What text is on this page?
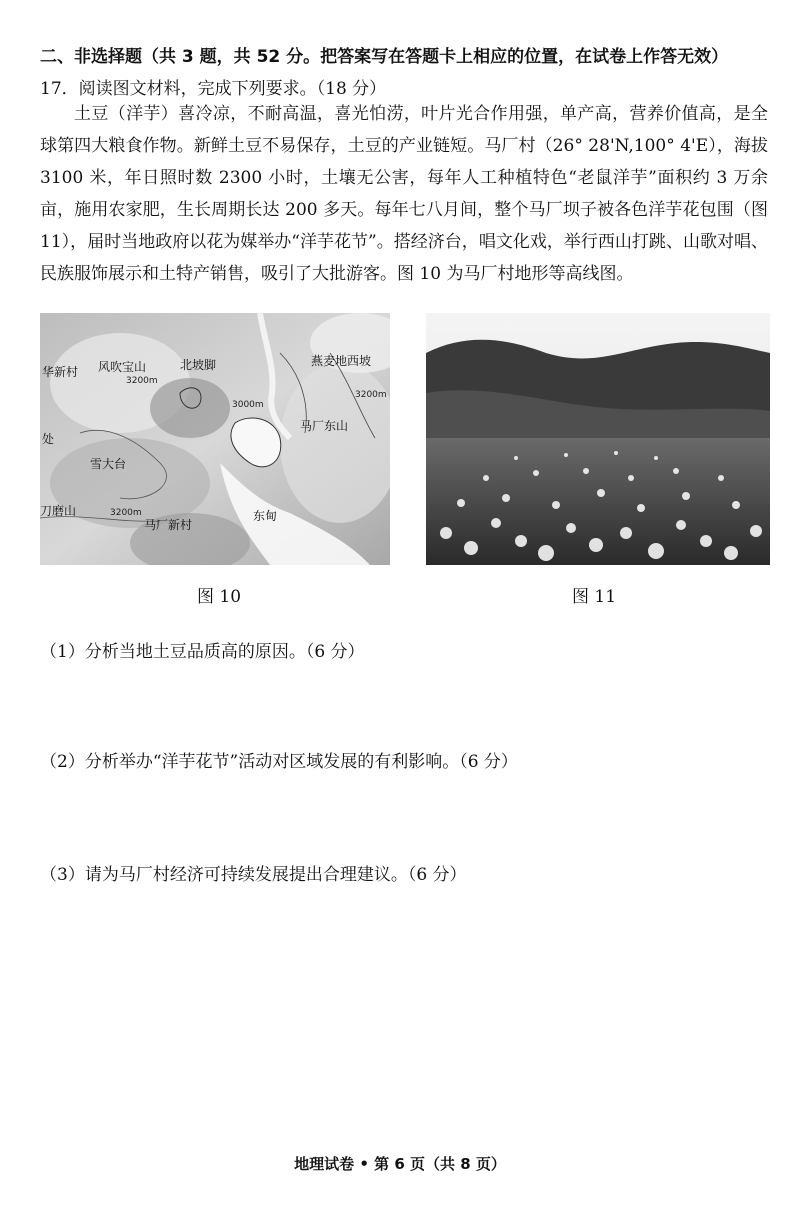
二、非选择题（共 3 题，共 52 分。把答案写在答题卡上相应的位置，在试卷上作答无效）
17．阅读图文材料，完成下列要求。（18 分）
土豆（洋芋）喜冷凉，不耐高温，喜光怕涝，叶片光合作用强，单产高，营养价值高，是全球第四大粮食作物。新鲜土豆不易保存，土豆的产业链短。马厂村（26° 28'N,100° 4'E），海拔 3100 米，年日照时数 2300 小时，土壤无公害，每年人工种植特色“老鼠洋芋”面积约 3 万余亩，施用农家肥，生长周期长达 200 多天。每年七八月间，整个马厂坝子被各色洋芋花包围（图 11），届时当地政府以花为媒举办“洋芋花节”。搭经济台，唱文化戏，举行西山打跳、山歌对唱、民族服饰展示和土特产销售，吸引了大批游客。图 10 为马厂村地形等高线图。
华新村 风吹宝山	北坡脚	燕麦地西坡
马厂东山
处
雪大台
刀磨山
马厂新村
东甸
3200m
3000m
3200m
3200m
图 10	图 11
（1）分析当地土豆品质高的原因。（6 分）
（2）分析举办“洋芋花节”活动对区域发展的有利影响。（6 分）
（3）请为马厂村经济可持续发展提出合理建议。（6 分）
地理试卷 • 第 6 页（共 8 页）
